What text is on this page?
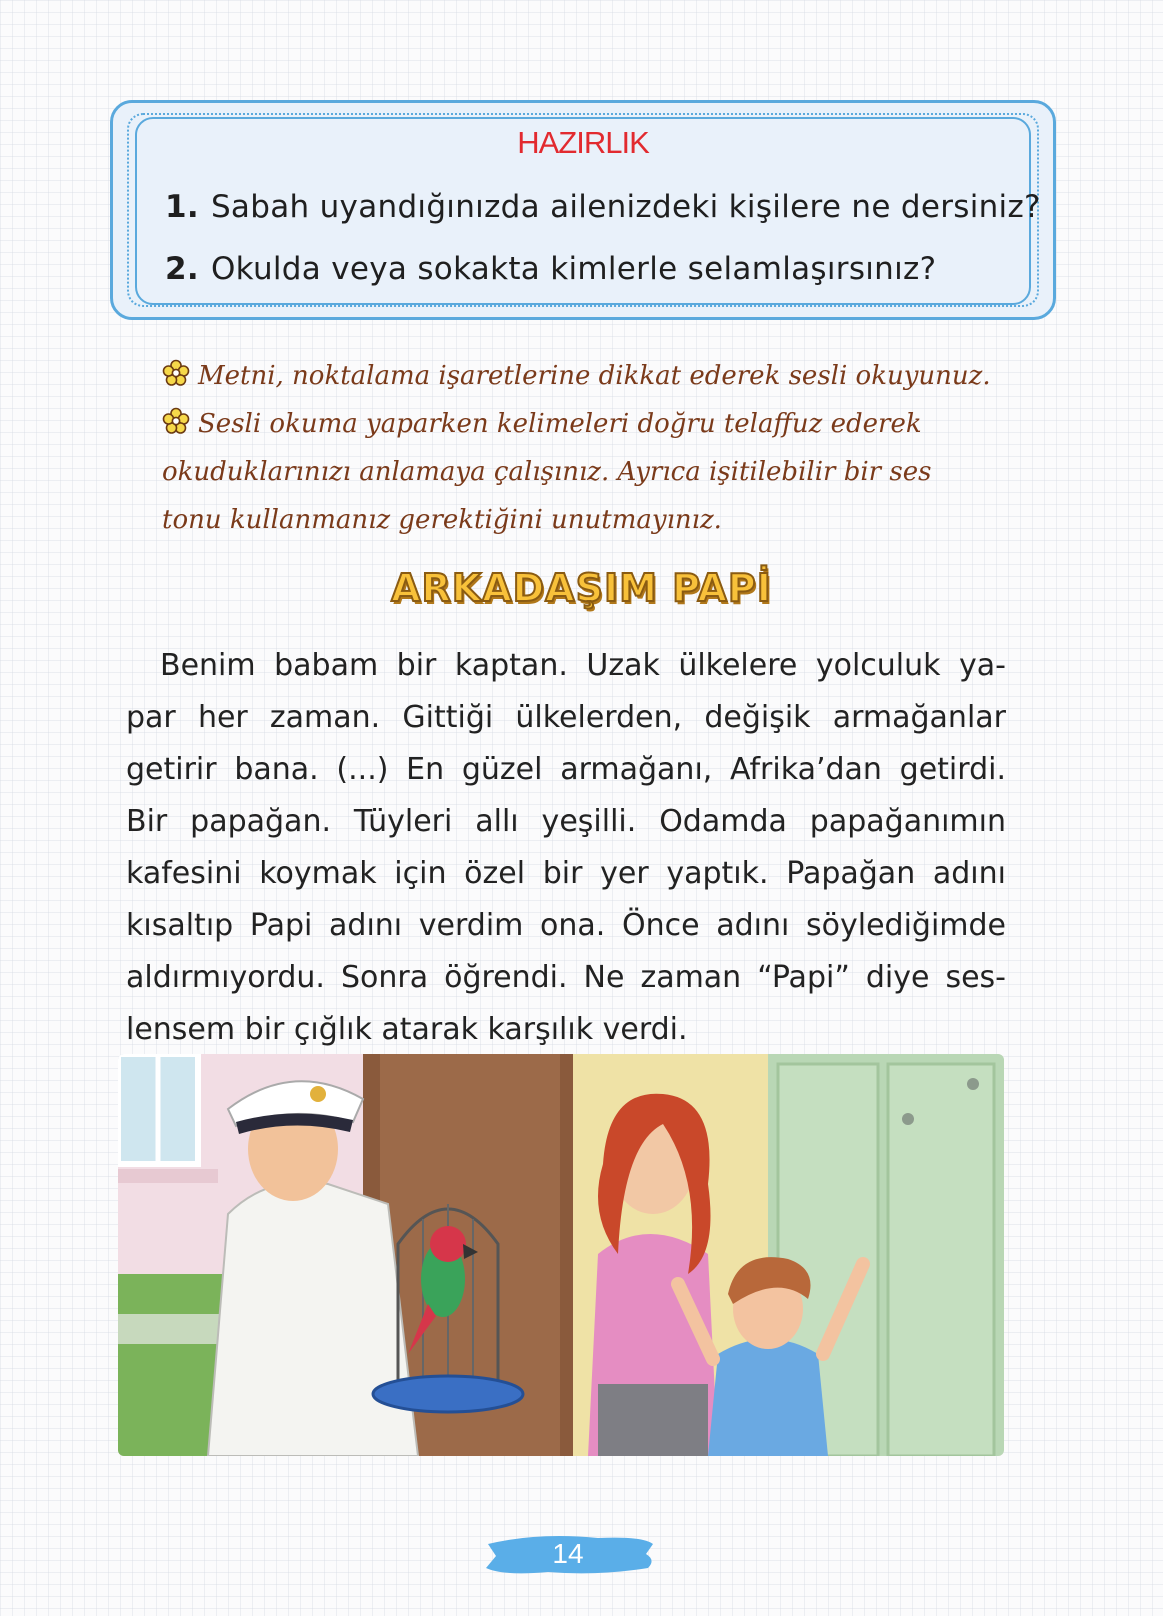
HAZIRLIK
1. Sabah uyandığınızda ailenizdeki kişilere ne dersiniz?
2. Okulda veya sokakta kimlerle selamlaşırsınız?
Metni, noktalama işaretlerine dikkat ederek sesli okuyunuz.
Sesli okuma yaparken kelimeleri doğru telaffuz ederek
okuduklarınızı anlamaya çalışınız. Ayrıca işitilebilir bir ses
tonu kullanmanız gerektiğini unutmayınız.
ARKADAŞIM PAPİ
Benim babam bir kaptan. Uzak ülkelere yolculuk ya-
par her zaman. Gittiği ülkelerden, değişik armağanlar
getirir bana. (...) En güzel armağanı, Afrika’dan getirdi.
Bir papağan. Tüyleri allı yeşilli. Odamda papağanımın
kafesini koymak için özel bir yer yaptık. Papağan adını
kısaltıp Papi adını verdim ona. Önce adını söylediğimde
aldırmıyordu. Sonra öğrendi. Ne zaman “Papi” diye ses-
lensem bir çığlık atarak karşılık verdi.
14
